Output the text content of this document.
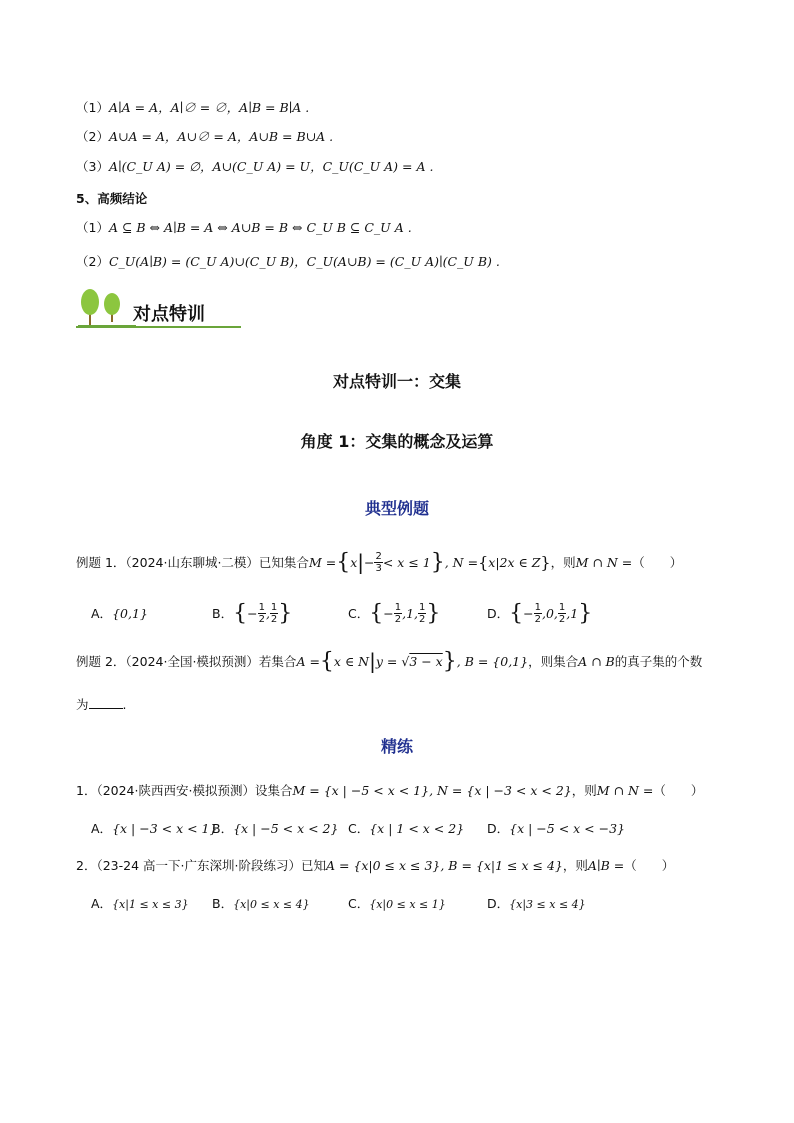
（1）A∣A = A，A∣∅ = ∅，A∣B = B∣A .
（2）A∪A = A，A∪∅ = A，A∪B = B∪A .
（3）A∣(C_U A) = ∅，A∪(C_U A) = U，C_U(C_U A) = A .
5、高频结论
（1）A ⊆ B ⇔ A∣B = A ⇔ A∪B = B ⇔ C_U B ⊆ C_U A .
（2）C_U(A∣B) = (C_U A)∪(C_U B)，C_U(A∪B) = (C_U A)∣(C_U B) .
对点特训
对点特训一：交集
角度 1：交集的概念及运算
典型例题
例题 1．（2024·山东聊城·二模）已知集合 M = { x | − $\frac{2}{3} < x \le 1$ } , N = { x|2x ∈ Z } ，则 M ∩ N = （　　）
A． {0,1}	B． { − $\frac{1}{2}$ , $\frac{1}{2}$ }	C． { − $\frac{1}{2} ,1$, $\frac{1}{2}$ }	D． { − $\frac{1}{2} ,0$, $\frac{1}{2} ,1$ }
例题 2．（2024·全国·模拟预测）若集合 A = { x ∈ N | y = √3 − x } , B = {0,1} ，则集合 A ∩ B 的真子集的个数
为	.
精练
1．（2024·陕西西安·模拟预测）设集合M = {x | −5 < x < 1}, N = {x | −3 < x < 2}，则M ∩ N =（　　）
A．{x | −3 < x < 1}
B．{x | −5 < x < 2} C．{x | 1 < x < 2} D．{x | −5 < x < −3}
2．（23-24 高一下·广东深圳·阶段练习）已知A = {x|0 ≤ x ≤ 3}, B = {x|1 ≤ x ≤ 4}，则A∣B =（　　）
A．{x|1 ≤ x ≤ 3} B．{x|0 ≤ x ≤ 4}	C．{x|0 ≤ x ≤ 1}	D．{x|3 ≤ x ≤ 4}
